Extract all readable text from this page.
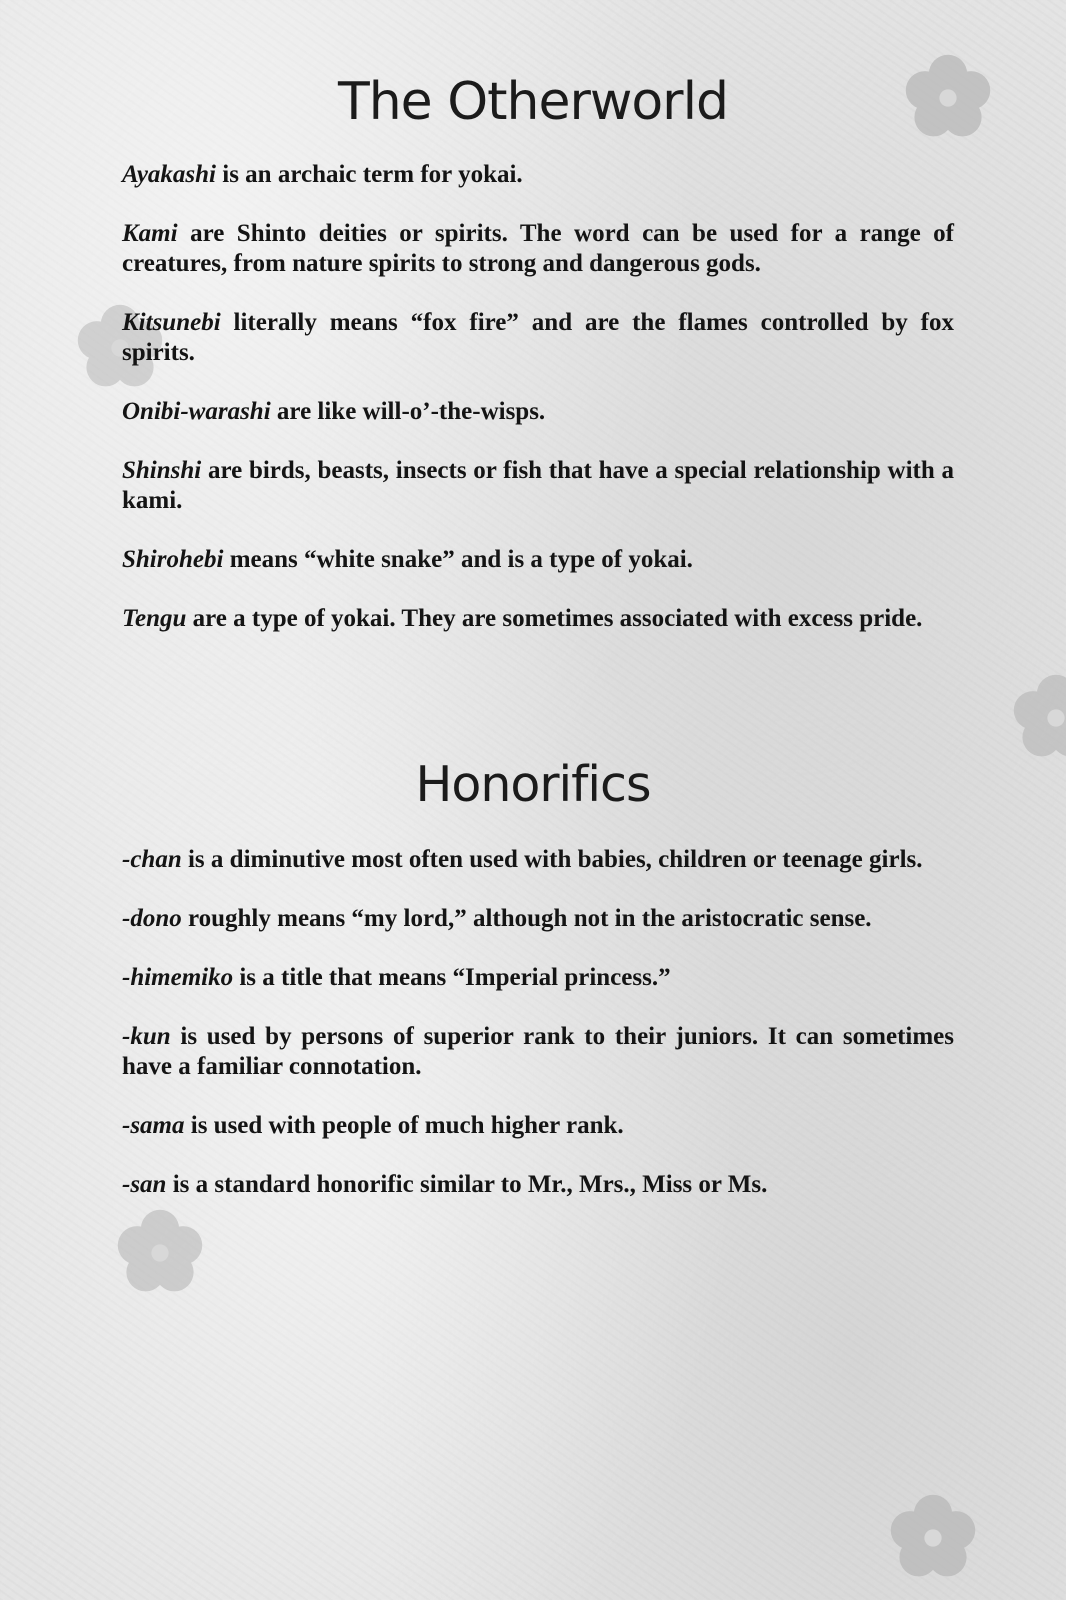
The Otherworld
Ayakashi is an archaic term for yokai.
Kami are Shinto deities or spirits. The word can be used for a range of creatures, from nature spirits to strong and dangerous gods.
Kitsunebi literally means “fox fire” and are the flames controlled by fox spirits.
Onibi-warashi are like will-o’-the-wisps.
Shinshi are birds, beasts, insects or fish that have a special relationship with a kami.
Shirohebi means “white snake” and is a type of yokai.
Tengu are a type of yokai. They are sometimes associated with excess pride.
Honorifics
-chan is a diminutive most often used with babies, children or teenage girls.
-dono roughly means “my lord,” although not in the aristocratic sense.
-himemiko is a title that means “Imperial princess.”
-kun is used by persons of superior rank to their juniors. It can sometimes have a familiar connotation.
-sama is used with people of much higher rank.
-san is a standard honorific similar to Mr., Mrs., Miss or Ms.
